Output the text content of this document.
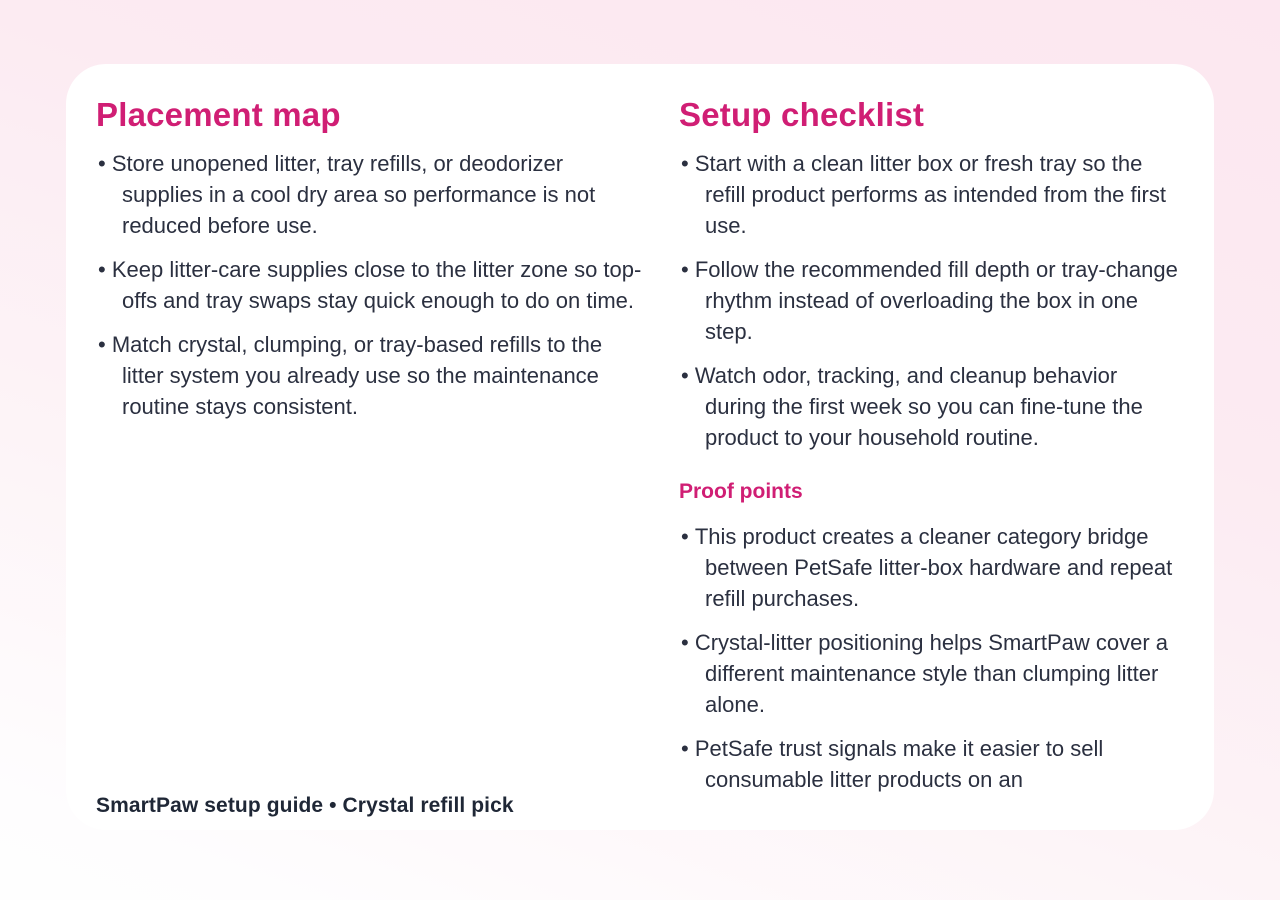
Placement map
• Store unopened litter, tray refills, or deodorizer supplies in a cool dry area so performance is not reduced before use.
• Keep litter-care supplies close to the litter zone so top-offs and tray swaps stay quick enough to do on time.
• Match crystal, clumping, or tray-based refills to the litter system you already use so the maintenance routine stays consistent.
Setup checklist
• Start with a clean litter box or fresh tray so the refill product performs as intended from the first use.
• Follow the recommended fill depth or tray-change rhythm instead of overloading the box in one step.
• Watch odor, tracking, and cleanup behavior during the first week so you can fine-tune the product to your household routine.
Proof points
• This product creates a cleaner category bridge between PetSafe litter-box hardware and repeat refill purchases.
• Crystal-litter positioning helps SmartPaw cover a different maintenance style than clumping litter alone.
• PetSafe trust signals make it easier to sell consumable litter products on an
SmartPaw setup guide • Crystal refill pick
